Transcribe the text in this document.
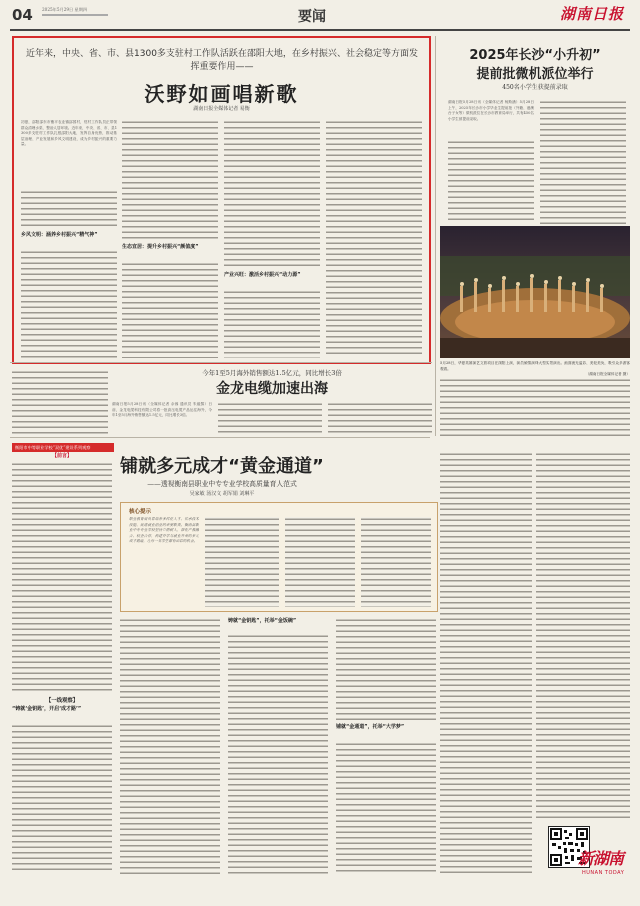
04 2025年5月29日 星期四	要闻	湖南日报
近年来，中央、省、市、县1300多支驻村工作队活跃在邵阳大地，在乡村振兴、社会稳定等方面发挥重要作用——
沃野如画唱新歌
湖南日报全媒体记者 易衡
初夏，邵阳邵东市衡平农业镇邵园村，驻村工作队员正带领群众清理水渠、整治人居环境。近年来，中央、省、市、县1300多支驻村工作队扎根邵阳大地，发挥自身优势，推动基层治理、产业发展和乡风文明建设，成为乡村振兴的重要力量。
乡风文明：涵养乡村振兴“精气神”
生态宜居：提升乡村振兴“颜值度”
产业兴旺：激活乡村振兴“动力源”
2025年长沙“小升初”
提前批微机派位举行
450名小学生获提前录取
湖南日报5月28日讯（全媒体记者 杨斯涵）5月28日上午，2025年长沙市小学毕业生提前批（外籍、港澳台子女等）微机派位在长沙市教育局举行，共有450名小学生被提前录取。
5月28日，华夏英雄演艺文旅项目在浏阳上演，演员倾情演绎大型实景演出。画面流光溢彩、美轮美奂，吸引众多游客观看。
（湖南日报全媒体记者 摄）
今年1至5月海外销售额达1.5亿元，同比增长3倍
金龙电缆加速出海
湖南日报5月28日讯（全媒体记者 余蓉 通讯员 朱毅黎）日前，金龙电缆科技有限公司将一批高压电缆产品运往海外，今年1至5月海外销售额达1.5亿元，同比增长3倍。
衡阳市中等职业学校“双优”建设系列观察
铺就多元成才“黄金通道”
——透视衡南县职业中专专业学校高质量育人范式
吴家敏 汤汉文 胡军娟 刘琳平
【前言】
核心提示
职业教育肩负着培养多样化人才、传承技术技能、促进就业创业的重要职责。衡南县职业中专专业学校坚持立德树人，深化产教融合、校企合作，构建升学与就业并重的多元成才通道，让每一名学生都有出彩的机会。
【一线观察】
“铸就‘金钥匙’，开启‘成才路’”
铸就“金钥匙”，托举“金饭碗”
铺就“金通道”，托举“大学梦”
新湖南
HUNAN TODAY
